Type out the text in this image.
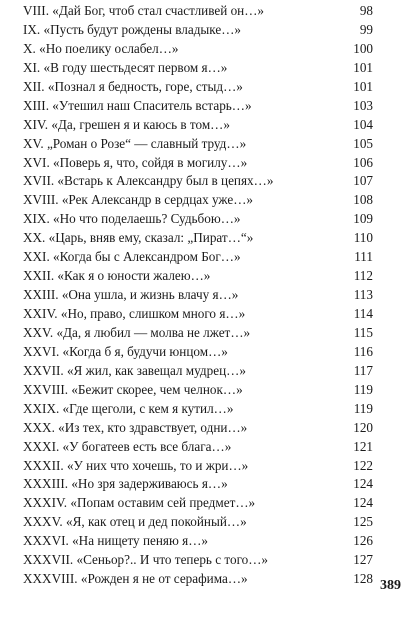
VIII. «Дай Бог, чтоб стал счастливей он…»	98
IX. «Пусть будут рождены владыке…»	99
X. «Но поелику ослабел…»	100
XI. «В году шестьдесят первом я…»	101
XII. «Познал я бедность, горе, стыд…»	101
XIII. «Утешил наш Спаситель встарь…»	103
XIV. «Да, грешен я и каюсь в том…»	104
XV. „Роман о Розе“ — славный труд…»	105
XVI. «Поверь я, что, сойдя в могилу…»	106
XVII. «Встарь к Александру был в цепях…»	107
XVIII. «Рек Александр в сердцах уже…»	108
XIX. «Но что поделаешь? Судьбою…»	109
XX. «Царь, вняв ему, сказал: „Пират…“»	110
XXI. «Когда бы с Александром Бог…»	111
XXII. «Как я о юности жалею…»	112
XXIII. «Она ушла, и жизнь влачу я…»	113
XXIV. «Но, право, слишком много я…»	114
XXV. «Да, я любил — молва не лжет…»	115
XXVI. «Когда б я, будучи юнцом…»	116
XXVII. «Я жил, как завещал мудрец…»	117
XXVIII. «Бежит скорее, чем челнок…»	119
XXIX. «Где щеголи, с кем я кутил…»	119
XXX. «Из тех, кто здравствует, одни…»	120
XXXI. «У богатеев есть все блага…»	121
XXXII. «У них что хочешь, то и жри…»	122
XXXIII. «Но зря задерживаюсь я…»	124
XXXIV. «Попам оставим сей предмет…»	124
XXXV. «Я, как отец и дед покойный…»	125
XXXVI. «На нищету пеняю я…»	126
XXXVII. «Сеньор?.. И что теперь с того…»	127
XXXVIII. «Рожден я не от серафима…»	128 389
